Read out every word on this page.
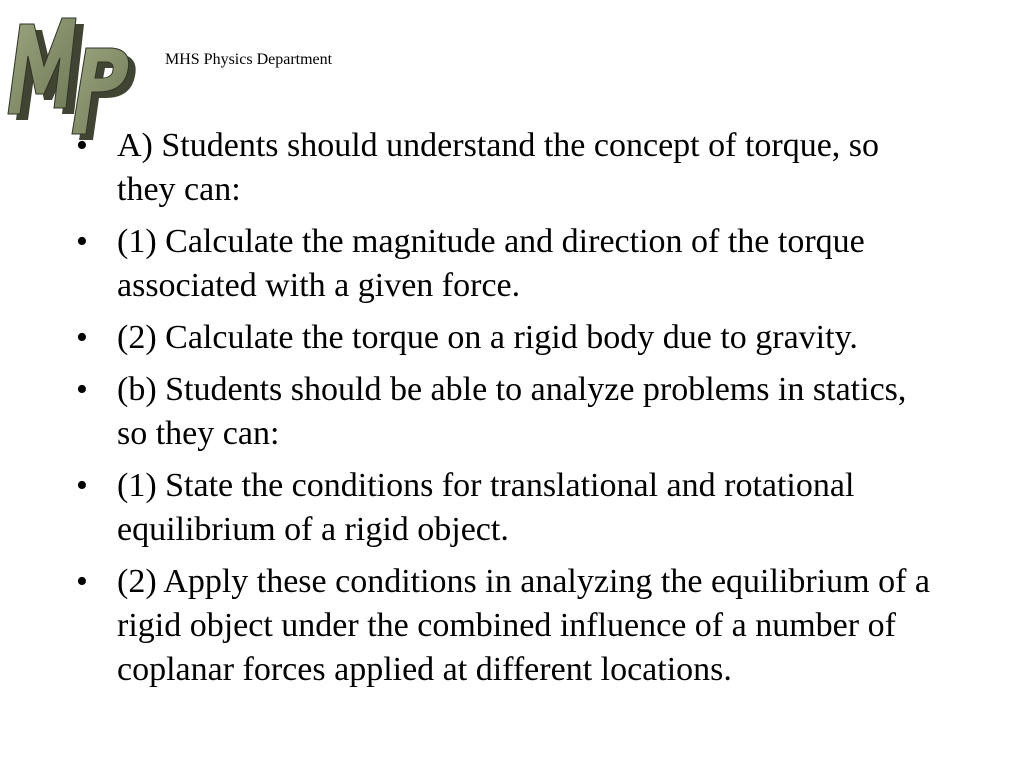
MHS Physics Department
• A) Students should understand the concept of torque, so they can:
• (1) Calculate the magnitude and direction of the torque associated with a given force.
• (2) Calculate the torque on a rigid body due to gravity.
• (b) Students should be able to analyze problems in statics, so they can:
• (1) State the conditions for translational and rotational equilibrium of a rigid object.
• (2) Apply these conditions in analyzing the equilibrium of a rigid object under the combined influence of a number of coplanar forces applied at different locations.
